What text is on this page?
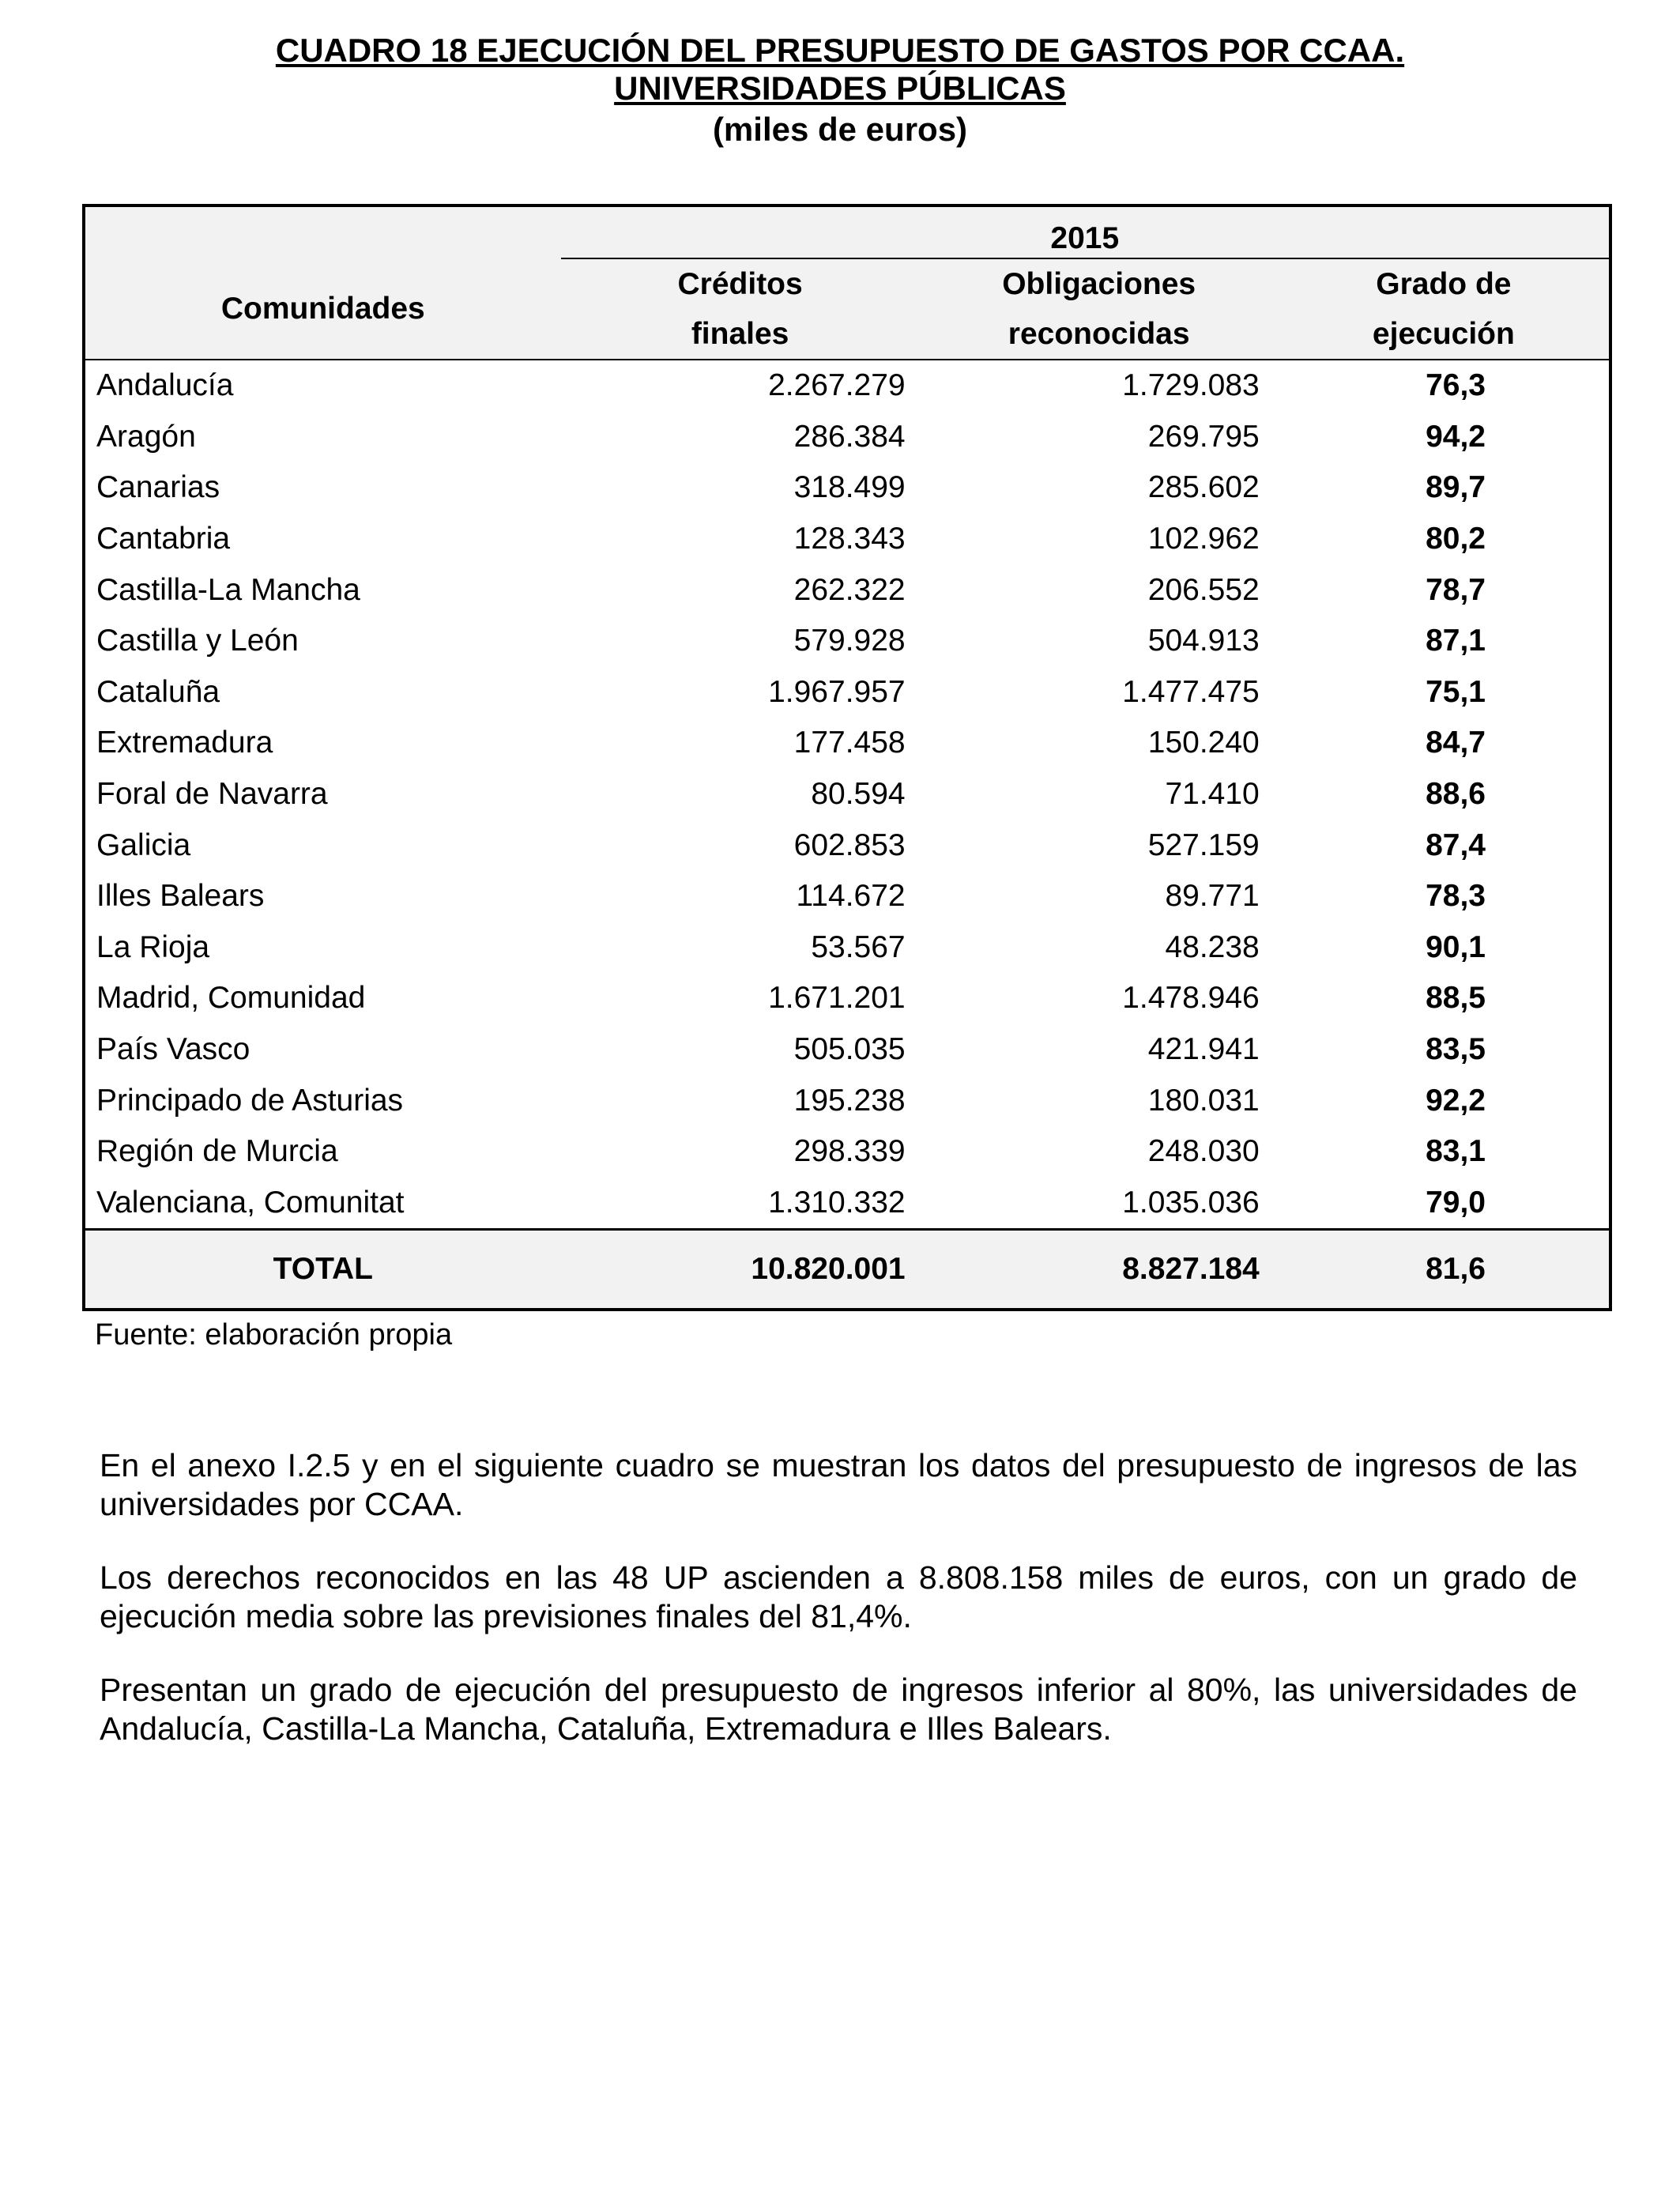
CUADRO 18 EJECUCIÓN DEL PRESUPUESTO DE GASTOS POR CCAA.
UNIVERSIDADES PÚBLICAS
(miles de euros)
	2015		
Comunidades	Créditos	Obligaciones	Grado de
	finales	reconocidas	ejecución
Andalucía	2.267.279	1.729.083	76,3
Aragón	286.384	269.795	94,2
Canarias	318.499	285.602	89,7
Cantabria	128.343	102.962	80,2
Castilla-La Mancha	262.322	206.552	78,7
Castilla y León	579.928	504.913	87,1
Cataluña	1.967.957	1.477.475	75,1
Extremadura	177.458	150.240	84,7
Foral de Navarra	80.594	71.410	88,6
Galicia	602.853	527.159	87,4
Illes Balears	114.672	89.771	78,3
La Rioja	53.567	48.238	90,1
Madrid, Comunidad	1.671.201	1.478.946	88,5
País Vasco	505.035	421.941	83,5
Principado de Asturias	195.238	180.031	92,2
Región de Murcia	298.339	248.030	83,1
Valenciana, Comunitat	1.310.332	1.035.036	79,0
TOTAL	10.820.001	8.827.184	81,6
Fuente: elaboración propia

En el anexo I.2.5 y en el siguiente cuadro se muestran los datos del presupuesto de ingresos de las universidades por CCAA.

Los derechos reconocidos en las 48 UP ascienden a 8.808.158 miles de euros, con un grado de ejecución media sobre las previsiones finales del 81,4%.

Presentan un grado de ejecución del presupuesto de ingresos inferior al 80%, las universidades de Andalucía, Castilla-La Mancha, Cataluña, Extremadura e Illes Balears.
